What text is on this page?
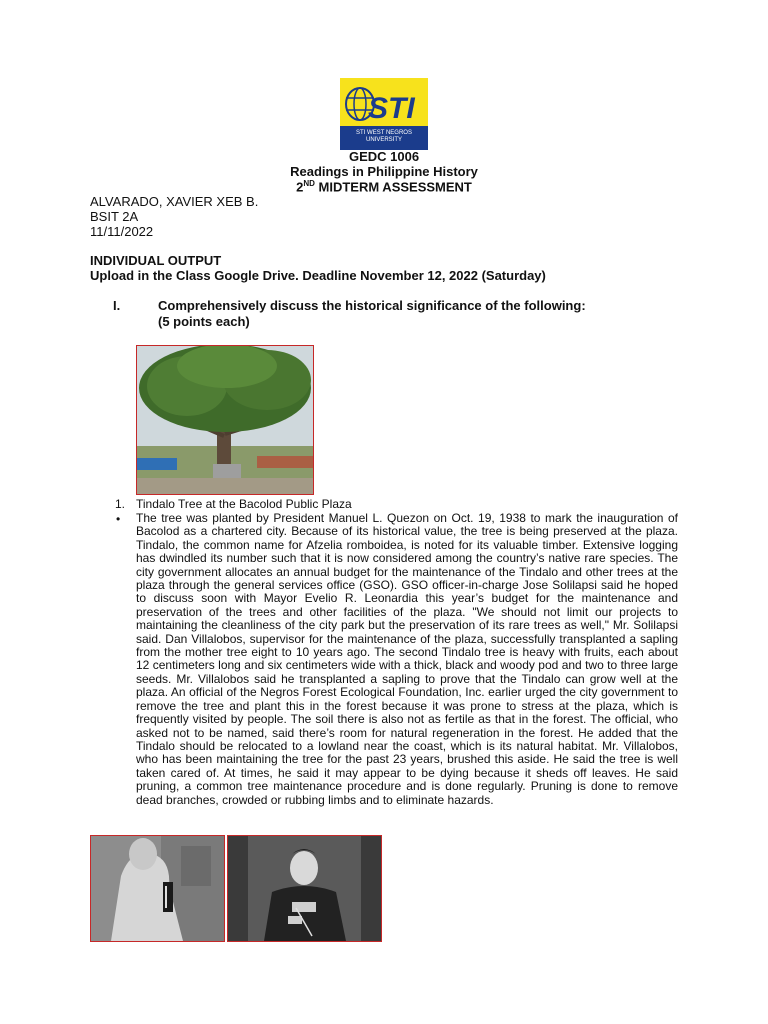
STI
STI WEST NEGROS UNIVERSITY
GEDC 1006
Readings in Philippine History
2ND MIDTERM ASSESSMENT
ALVARADO, XAVIER XEB B.
BSIT 2A
11/11/2022
INDIVIDUAL OUTPUT
Upload in the Class Google Drive. Deadline November 12, 2022 (Saturday)
I.	Comprehensively discuss the historical significance of the following:
(5 points each)
1. Tindalo Tree at the Bacolod Public Plaza
• The tree was planted by President Manuel L. Quezon on Oct. 19, 1938 to mark the inauguration of Bacolod as a chartered city. Because of its historical value, the tree is being preserved at the plaza. Tindalo, the common name for Afzelia romboidea, is noted for its valuable timber. Extensive logging has dwindled its number such that it is now considered among the country’s native rare species. The city government allocates an annual budget for the maintenance of the Tindalo and other trees at the plaza through the general services office (GSO). GSO officer-in-charge Jose Solilapsi said he hoped to discuss soon with Mayor Evelio R. Leonardia this year’s budget for the maintenance and preservation of the trees and other facilities of the plaza. "We should not limit our projects to maintaining the cleanliness of the city park but the preservation of its rare trees as well," Mr. Solilapsi said. Dan Villalobos, supervisor for the maintenance of the plaza, successfully transplanted a sapling from the mother tree eight to 10 years ago. The second Tindalo tree is heavy with fruits, each about 12 centimeters long and six centimeters wide with a thick, black and woody pod and two to three large seeds. Mr. Villalobos said he transplanted a sapling to prove that the Tindalo can grow well at the plaza. An official of the Negros Forest Ecological Foundation, Inc. earlier urged the city government to remove the tree and plant this in the forest because it was prone to stress at the plaza, which is frequently visited by people. The soil there is also not as fertile as that in the forest. The official, who asked not to be named, said there’s room for natural regeneration in the forest. He added that the Tindalo should be relocated to a lowland near the coast, which is its natural habitat. Mr. Villalobos, who has been maintaining the tree for the past 23 years, brushed this aside. He said the tree is well taken cared of. At times, he said it may appear to be dying because it sheds off leaves. He said pruning, a common tree maintenance procedure and is done regularly. Pruning is done to remove dead branches, crowded or rubbing limbs and to eliminate hazards.
